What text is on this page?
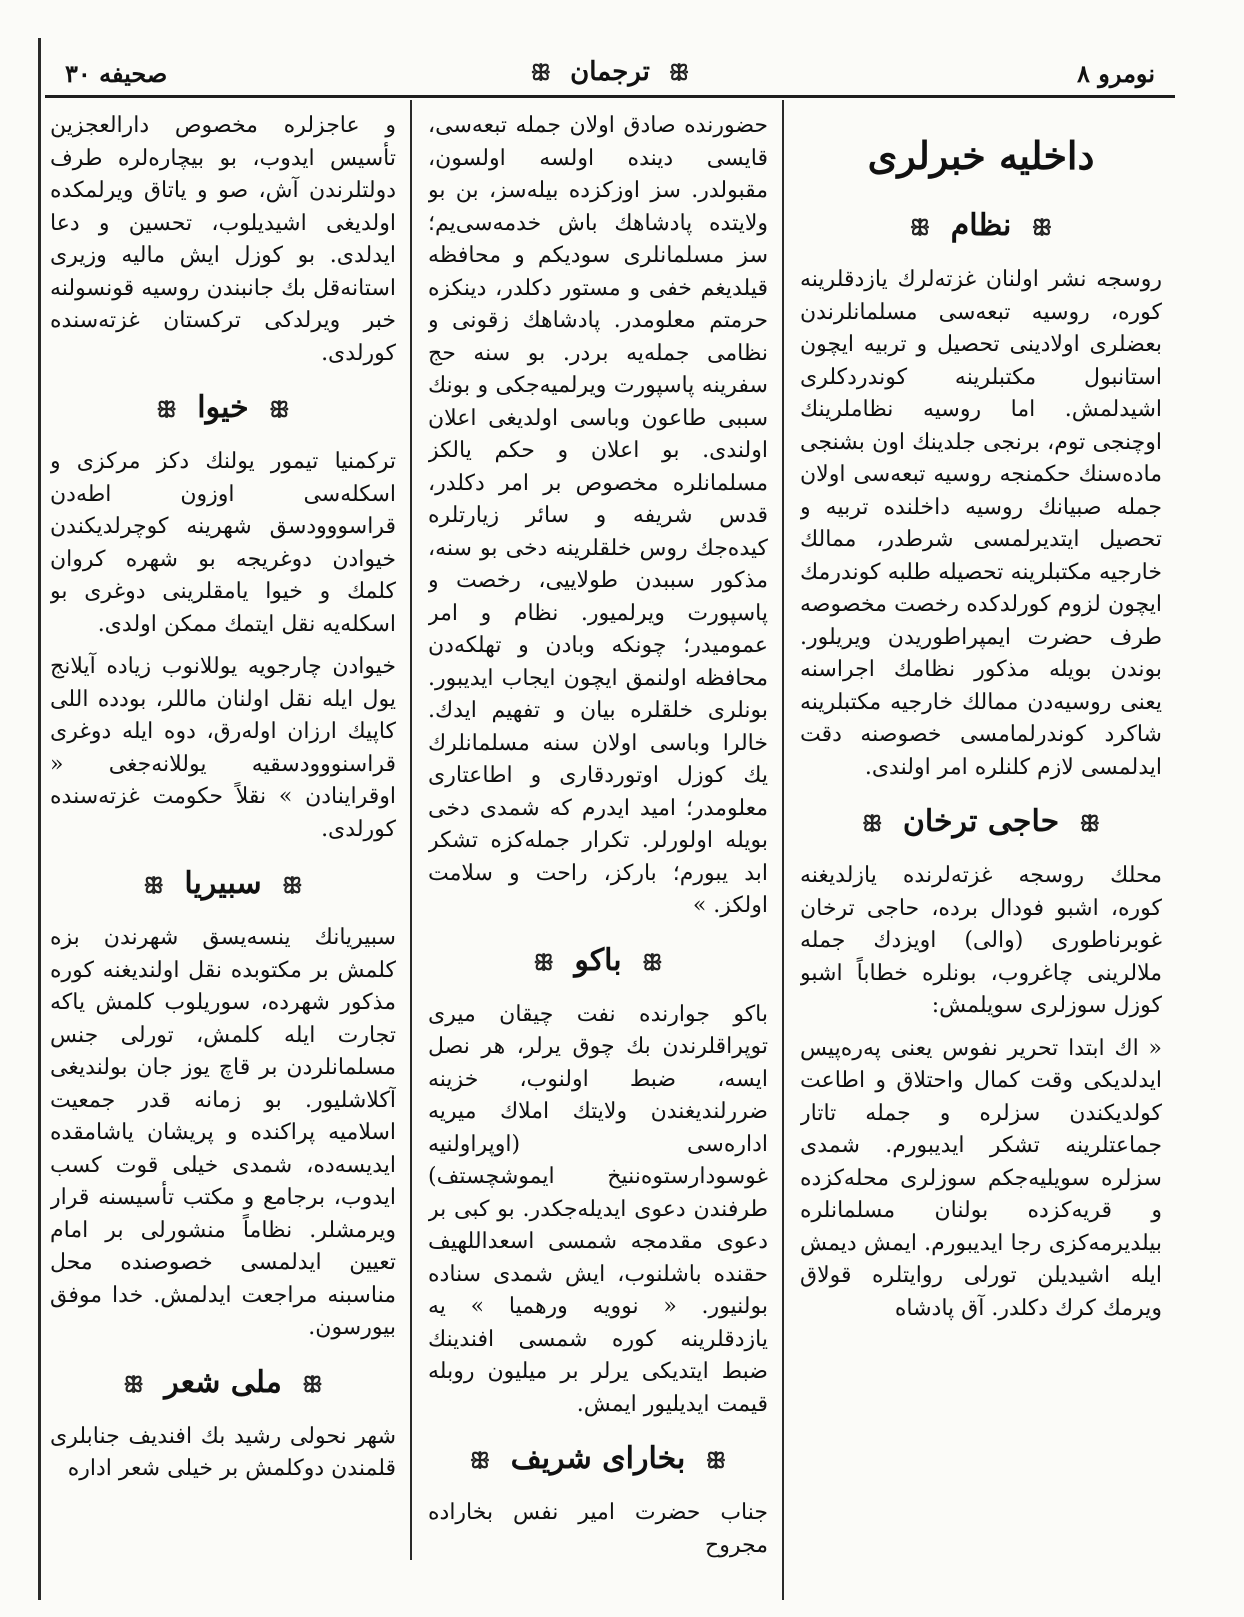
نومرو ٨
ꕥ ترجمان ꕥ
صحیفه ٣٠
داخلیه خبرلری
ꕥ نظام ꕥ

روسجه نشر اولنان غزته‌لرك یازدقلرینه کوره، روسیه تبعه‌سی مسلمانلرندن بعضلری اولادینی تحصیل و تربیه ایچون استانبول مکتبلرینه کوندردکلری اشیدلمش. اما روسیه نظاملرینك اوچنجی توم، برنجی جلدینك اون بشنجی ماده‌سنك حکمنجه روسیه تبعه‌سی اولان جمله صبیانك روسیه داخلنده تربیه و تحصیل ایتدیرلمسی شرطدر، ممالك خارجیه مکتبلرینه تحصیله طلبه کوندرمك ایچون لزوم کورلدکده رخصت مخصوصه طرف حضرت ایمپراطوریدن ویریلور. بوندن بویله مذکور نظامك اجراسنه یعنی روسیه‌دن ممالك خارجیه مکتبلرینه شاکرد کوندرلمامسی خصوصنه دقت ایدلمسی لازم کلنلره امر اولندی.

ꕥ حاجی ترخان ꕥ

محلك روسجه غزته‌لرنده یازلدیغنه کوره، اشبو فودال برده، حاجی ترخان غوبرناطوری (والی) اویزدك جمله ملالرینی چاغروب، بونلره خطاباً اشبو کوزل سوزلری سویلمش:

« اك ابتدا تحریر نفوس یعنی پەرەپیس ایدلدیکی وقت کمال واحتلاق و اطاعت کولدیکندن سزلره و جمله تاتار جماعتلرینه تشکر ایدیبورم. شمدی سزلره سویلیه‌جکم سوزلری محله‌کزده و قریه‌کزده بولنان مسلمانلره بیلدیرمه‌کزی رجا ایدیبورم. ایمش دیمش ایله اشیدیلن تورلی روایتلره قولاق ویرمك کرك دکلدر. آق پادشاه

حضورنده صادق اولان جمله تبعه‌سی، قایسی دینده اولسه اولسون، مقبولدر. سز اوزکزده بیله‌سز، بن بو ولایتده پادشاهك باش خدمه‌سی‌یم؛ سز مسلمانلری سودیکم و محافظه قیلدیغم خفی و مستور دکلدر، دینکزه حرمتم معلومدر. پادشاهك زقونی و نظامی جمله‌یه بردر. بو سنه حج سفرینه پاسپورت ویرلمیه‌جکی و بونك سببی طاعون وباسی اولدیغی اعلان اولندی. بو اعلان و حکم یالکز مسلمانلره مخصوص بر امر دکلدر، قدس شریفه و سائر زیارتلره کیده‌جك روس خلقلرینه دخی بو سنه، مذکور سببدن طولاییی، رخصت و پاسپورت ویرلمیور. نظام و امر عمومیدر؛ چونکه وبادن و تهلکه‌دن محافظه اولنمق ایچون ایجاب ایدیبور. بونلری خلقلره بیان و تفهیم ایدك. خالرا وباسی اولان سنه مسلمانلرك یك کوزل اوتوردقاری و اطاعتاری معلومدر؛ امید ایدرم که شمدی دخی بویله اولورلر. تکرار جمله‌کزه تشکر ابد یبورم؛ بارکز، راحت و سلامت اولکز. »

ꕥ باکو ꕥ

باکو جوارنده نفت چیقان میری توپراقلرندن بك چوق یرلر، هر نصل ایسه، ضبط اولنوب، خزینه ضررلندیغندن ولایتك املاك میریه اداره‌سی (اوپراولنیه غوسودارستوه‌ننیخ ایموشچستف) طرفندن دعوی ایدیله‌جکدر. بو کبی بر دعوی مقدمجه شمسی اسعداللهیف حقنده باشلنوب، ایش شمدی سناده بولنیور. « نوویه ورهمیا » یه یازدقلرینه کوره شمسی افندینك ضبط ایتدیکی یرلر بر میلیون روبله قیمت ایدیلیور ایمش.

ꕥ بخارای شریف ꕥ

جناب حضرت امیر نفس بخاراده مجروح

و عاجزلره مخصوص دارالعجزین تأسیس ایدوب، بو بیچاره‌لره طرف دولتلرندن آش، صو و یاتاق ویرلمکده اولدیغی اشیدیلوب، تحسین و دعا ایدلدی. بو کوزل ایش مالیه وزیری استانه‌قل بك جانبندن روسیه قونسولنه خبر ویرلدکی ترکستان غزته‌سنده کورلدی.

ꕥ خیوا ꕥ

ترکمنیا تیمور یولنك دکز مرکزی و اسکله‌سی اوزون اطه‌دن قراسووودسق شهرینه کوچرلدیکندن خیوادن دوغریجه بو شهره کروان کلمك و خیوا یامقلرینی دوغری بو اسکله‌یه نقل ایتمك ممکن اولدی.

خیوادن چارجویه یوللانوب زیاده آیلانج یول ایله نقل اولنان ماللر، بودده اللی کاپیك ارزان اوله‌رق، دوه ایله دوغری قراسنووودسقیه یوللانه‌جغی « اوقراینادن » نقلاً حکومت غزته‌سنده کورلدی.

ꕥ سبیریا ꕥ

سبیریانك ینسه‌یسق شهرندن بزه کلمش بر مکتوبده نقل اولندیغنه کوره مذکور شهرده، سوریلوب کلمش یاکه تجارت ایله کلمش، تورلی جنس مسلمانلردن بر قاچ یوز جان بولندیغی آکلاشلیور. بو زمانه قدر جمعیت اسلامیه پراکنده و پریشان یاشامقده ایدیسه‌ده، شمدی خیلی قوت کسب ایدوب، برجامع و مکتب تأسیسنه قرار ویرمشلر. نظاماً منشورلی بر امام تعیین ایدلمسی خصوصنده محل مناسبنه مراجعت ایدلمش. خدا موفق بیورسون.

ꕥ ملی شعر ꕥ

شهر نحولی رشید بك افندیف جنابلری قلمندن دوکلمش بر خیلی شعر اداره
